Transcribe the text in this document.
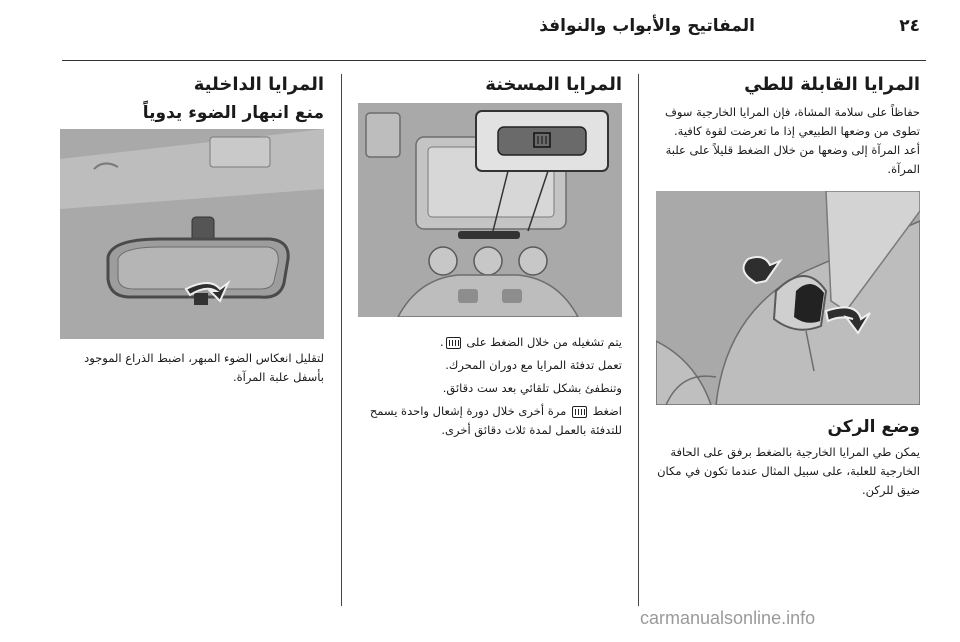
المفاتيح والأبواب والنوافذ	٢٤
المرايا القابلة للطي

حفاظاً على سلامة المشاة، فإن المرايا الخارجية سوف تطوى من وضعها الطبيعي إذا ما تعرضت لقوة كافية. أعد المرآة إلى وضعها من خلال الضغط قليلاً على علبة المرآة.

وضع الركن

يمكن طي المرايا الخارجية بالضغط برفق على الحافة الخارجية للعلبة، على سبيل المثال عندما تكون في مكان ضيق للركن.

المرايا المسخنة

يتم تشغيله من خلال الضغط على .

تعمل تدفئة المرايا مع دوران المحرك.

وتنطفئ بشكل تلقائي بعد ست دقائق.

اضغط  مرة أخرى خلال دورة إشعال واحدة يسمح للتدفئة بالعمل لمدة ثلاث دقائق أخرى.

المرايا الداخلية
منع انبهار الضوء يدوياً

لتقليل انعكاس الضوء المبهر، اضبط الذراع الموجود بأسفل علبة المرآة.

carmanualsonline.info
